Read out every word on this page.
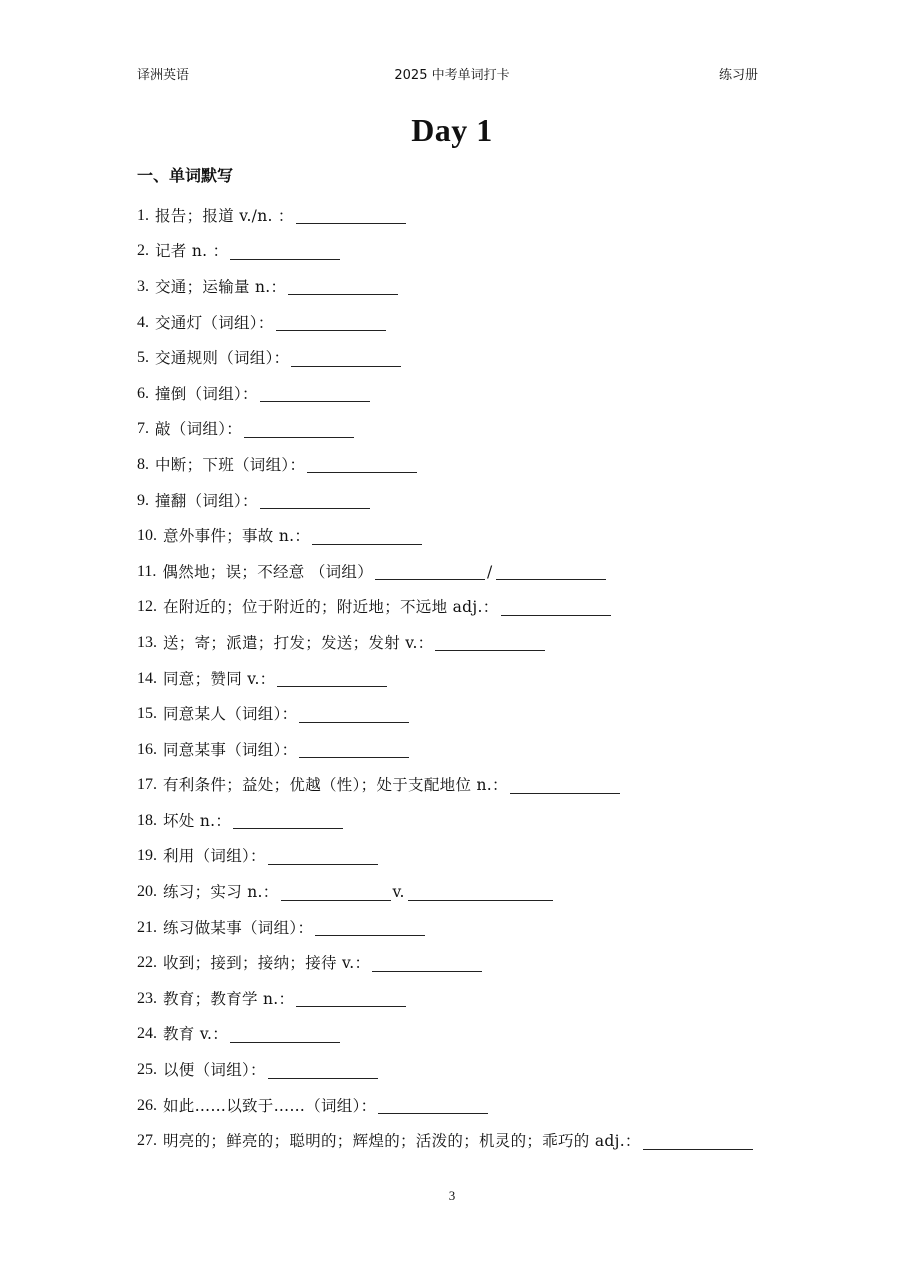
译洲英语	2025 中考单词打卡	练习册
Day 1
一、单词默写
1. 报告；报道 v./n. ：
2. 记者 n. ：
3. 交通；运输量 n.：
4. 交通灯（词组）：
5. 交通规则（词组）：
6. 撞倒（词组）：
7. 敲（词组）：
8. 中断；下班（词组）：
9. 撞翻（词组）：
10. 意外事件；事故 n.：
11. 偶然地；误；不经意 （词组）	/
12. 在附近的；位于附近的；附近地；不远地 adj.：
13. 送；寄；派遣；打发；发送；发射 v.：
14. 同意；赞同 v.：
15. 同意某人（词组）：
16. 同意某事（词组）：
17. 有利条件；益处；优越（性）；处于支配地位 n.：
18. 坏处 n.：
19. 利用（词组）：
20. 练习；实习 n.：	v.
21. 练习做某事（词组）：
22. 收到；接到；接纳；接待 v.：
23. 教育；教育学 n.：
24. 教育 v.：
25. 以便（词组）：
26. 如此……以致于……（词组）：
27. 明亮的；鲜亮的；聪明的；辉煌的；活泼的；机灵的；乖巧的 adj.：
3
